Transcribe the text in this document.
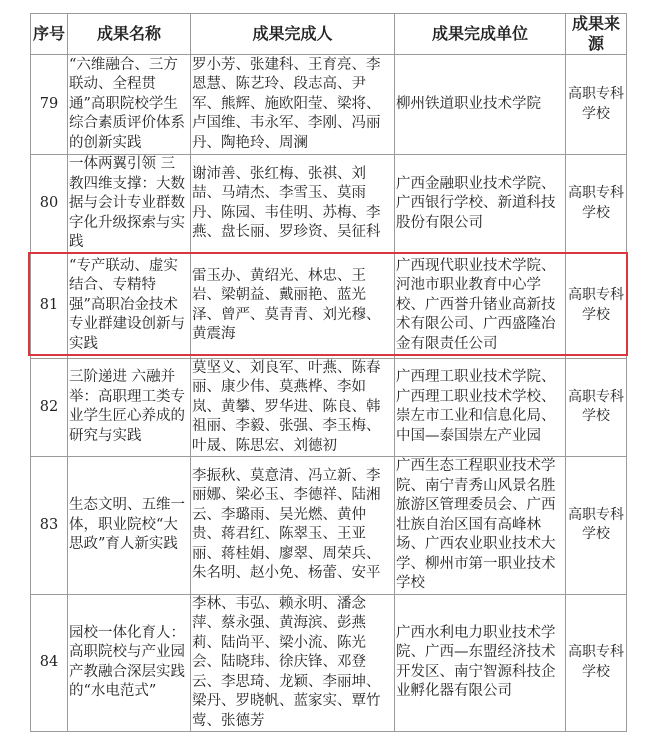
序号	成果名称	成果完成人	成果完成单位	成果来源
79	“六维融合、三方联动、全程贯通”高职院校学生综合素质评价体系的创新实践	罗小芳、张建科、王育亮、李恩慧、陈艺玲、段志高、尹军、熊辉、施欧阳莹、梁将、卢国维、韦永军、李刚、冯丽丹、陶艳玲、周澜	柳州铁道职业技术学院	高职专科学校
80	一体两翼引领 三教四维支撑：大数据与会计专业群数字化升级探索与实践	谢沛善、张红梅、张祺、刘喆、马靖杰、李雪玉、莫雨丹、陈园、韦佳明、苏梅、李燕、盘长丽、罗珍资、吴征科	广西金融职业技术学院、广西银行学校、新道科技股份有限公司	高职专科学校
81	“专产联动、虚实结合、专精特强”高职冶金技术专业群建设创新与实践	雷玉办、黄绍光、林忠、王岩、梁朝益、戴丽艳、蓝光泽、曾严、莫青青、刘光穆、黄震海	广西现代职业技术学院、河池市职业教育中心学校、广西誉升锗业高新技术有限公司、广西盛隆冶金有限责任公司	高职专科学校
82	三阶递进 六融并举：高职理工类专业学生匠心养成的研究与实践	莫坚义、刘良军、叶燕、陈春丽、康少伟、莫燕桦、李如岚、黄攀、罗华进、陈良、韩祖丽、李毅、张强、李玉梅、叶晟、陈思宏、刘德初	广西理工职业技术学院、广西理工职业技术学校、崇左市工业和信息化局、中国—泰国崇左产业园	高职专科学校
83	生态文明、五维一体，职业院校“大思政”育人新实践	李振秋、莫意清、冯立新、李丽娜、梁必玉、李德祥、陆湘云、李璐雨、吴光燃、黄仲贵、蒋君红、陈翠玉、王亚丽、蒋桂娟、廖翠、周荣兵、朱名明、赵小免、杨蕾、安平	广西生态工程职业技术学院、南宁青秀山风景名胜旅游区管理委员会、广西壮族自治区国有高峰林场、广西农业职业技术大学、柳州市第一职业技术学校	高职专科学校
84	园校一体化育人：高职院校与产业园产教融合深层实践的“水电范式”	李林、韦弘、赖永明、潘念萍、蔡永强、黄海滨、彭燕莉、陆尚平、梁小流、陈光会、陆晓玮、徐庆锋、邓登云、李思琦、龙颖、李丽坤、梁丹、罗晓帆、蓝家实、覃竹莺、张德芳	广西水利电力职业技术学院、广西—东盟经济技术开发区、南宁智源科技企业孵化器有限公司	高职专科学校
